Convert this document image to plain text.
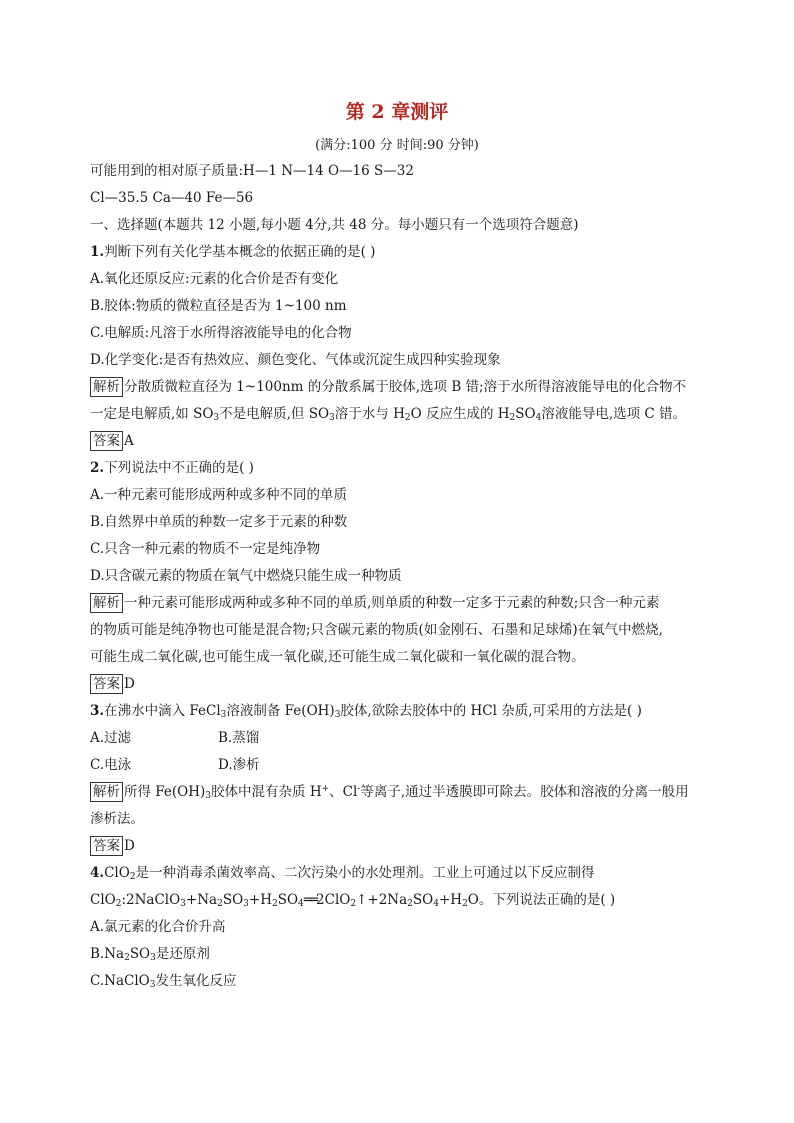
第 2 章测评
(满分:100 分 时间:90 分钟)
可能用到的相对原子质量:H—1 N—14 O—16 S—32
Cl—35.5 Ca—40 Fe—56
一、选择题(本题共 12 小题,每小题 4分,共 48 分。每小题只有一个选项符合题意)
1.判断下列有关化学基本概念的依据正确的是( )
A.氧化还原反应:元素的化合价是否有变化
B.胶体:物质的微粒直径是否为 1~100 nm
C.电解质:凡溶于水所得溶液能导电的化合物
D.化学变化:是否有热效应、颜色变化、气体或沉淀生成四种实验现象
解析 分散质微粒直径为 1~100nm 的分散系属于胶体,选项 B 错;溶于水所得溶液能导电的化合物不
一定是电解质,如 $SO_3$不是电解质,但 $SO_3$溶于水与 $H_2O$ 反应生成的 $H_2SO_4$溶液能导电,选项 C 错。
答案 A
2.下列说法中不正确的是( )
A.一种元素可能形成两种或多种不同的单质
B.自然界中单质的种数一定多于元素的种数
C.只含一种元素的物质不一定是纯净物
D.只含碳元素的物质在氧气中燃烧只能生成一种物质
解析 一种元素可能形成两种或多种不同的单质,则单质的种数一定多于元素的种数;只含一种元素
的物质可能是纯净物也可能是混合物;只含碳元素的物质(如金刚石、石墨和足球烯)在氧气中燃烧,
可能生成二氧化碳,也可能生成一氧化碳,还可能生成二氧化碳和一氧化碳的混合物。
答案 D
3.在沸水中滴入 FeCl$_3$溶液制备 $Fe(OH)_3$胶体,欲除去胶体中的 HCl 杂质,可采用的方法是( )
A.过滤	B.蒸馏
C.电泳	D.渗析
解析 所得 $Fe(OH)_3$胶体中混有杂质 H+、Cl-等离子,通过半透膜即可除去。胶体和溶液的分离一般用
渗析法。
答案 D
4.ClO$_2$是一种消毒杀菌效率高、二次污染小的水处理剂。工业上可通过以下反应制得
$ClO_2:2NaClO_3+Na_2SO_3+H_2SO_4══2ClO_2↑+2Na_2SO_4+H_2O$。下列说法正确的是( )
A.氯元素的化合价升高
$B.Na_2SO_3$是还原剂
C.NaClO$_3$发生氧化反应
